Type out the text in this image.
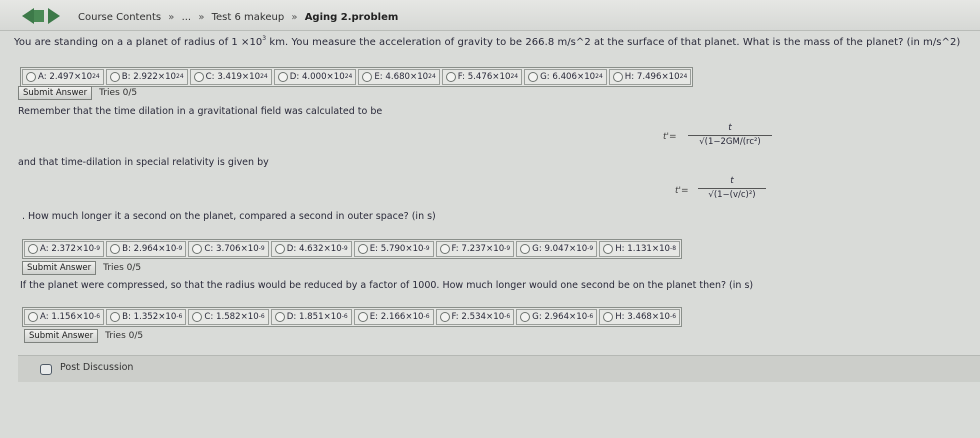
Course Contents » ... » Test 6 makeup » Aging 2.problem
You are standing on a a planet of radius of $1 \times 10^3$ km. You measure the acceleration of gravity to be 266.8 m/s^2 at the surface of that planet. What is the mass of the planet? (in m/s^2)
A:
2.497×10 24	B:
2.922×10 24	C:
3.419×10 24	D:
4.000×10 24	E:
4.680×10 24	F:
5.476×10 24	G:
6.406×10 24	H:
7.496×10 24
Submit Answer	Tries 0/5
Remember that the time dilation in a gravitational field was calculated to be
t'=
t
√(1−2GM/(rc²)
and that time-dilation in special relativity is given by
t'=
t
√(1−(v/c)²)
. How much longer it a second on the planet, compared a second in outer space? (in s)
A:
2.372×10 -9	B:
2.964×10 -9	C:
3.706×10 -9	D:
4.632×10 -9	E:
5.790×10 -9	F:
7.237×10 -9	G:
9.047×10 -9	H:
1.131×10 -8
Submit Answer	Tries 0/5
If the planet were compressed, so that the radius would be reduced by a factor of 1000. How much longer would one second be on the planet then? (in s)
A:
1.156×10 -6	B:
1.352×10 -6	C:
1.582×10 -6	D:
1.851×10 -6	E:
2.166×10 -6	F:
2.534×10 -6	G:
2.964×10 -6	H:
3.468×10 -6
Submit Answer	Tries 0/5
Post Discussion
